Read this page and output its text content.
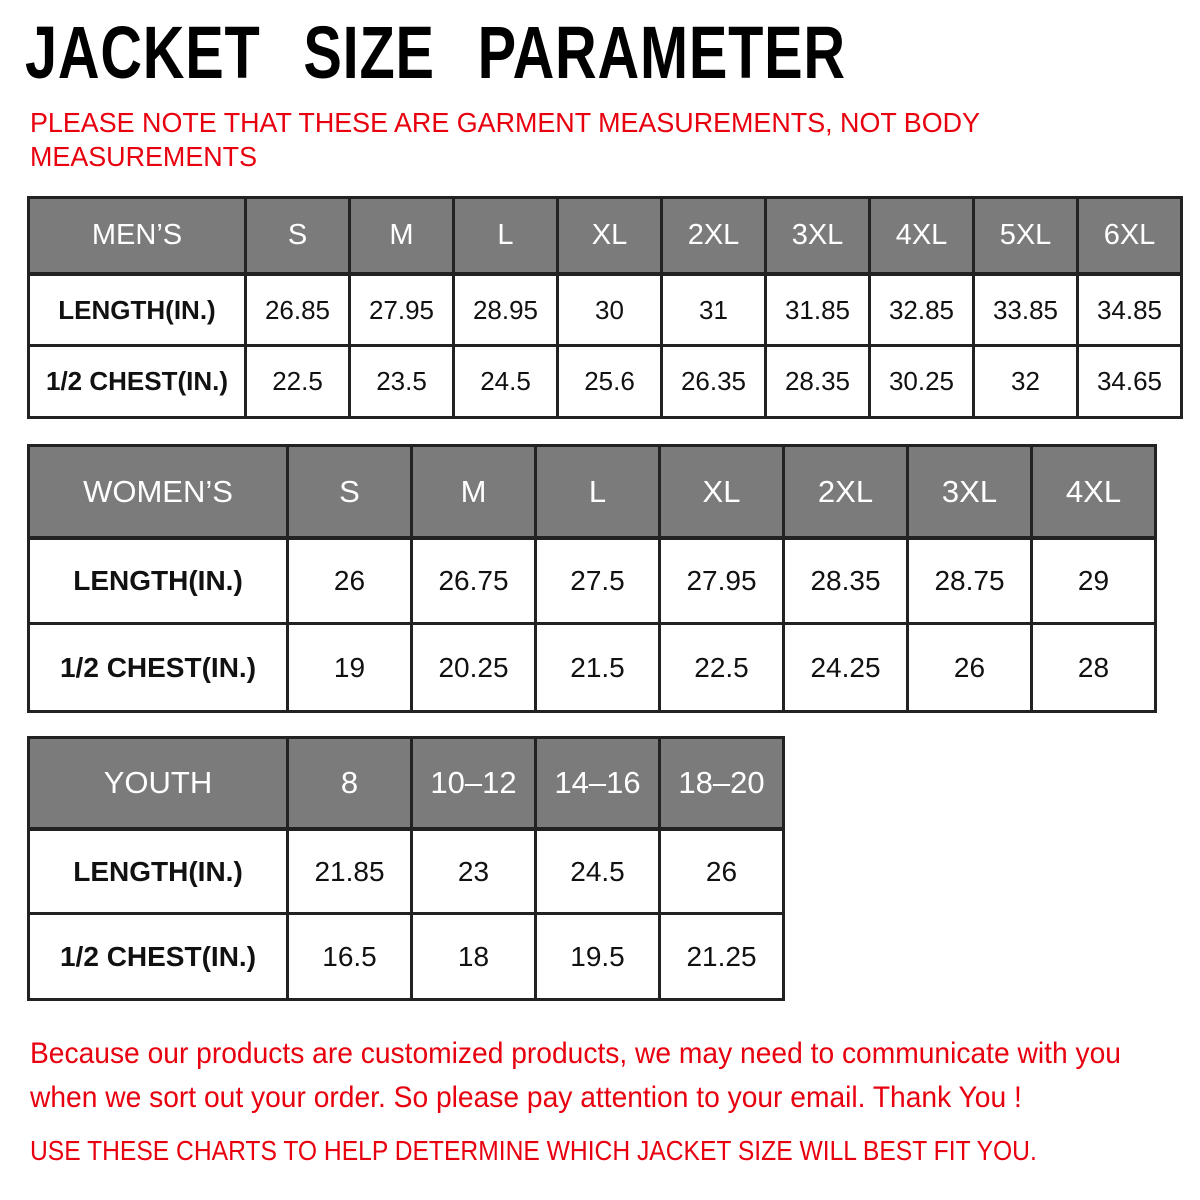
JACKET SIZE PARAMETER

PLEASE NOTE THAT THESE ARE GARMENT MEASUREMENTS, NOT BODY
MEASUREMENTS

MEN’S	S	M	L	XL	2XL	3XL	4XL	5XL	6XL
LENGTH(IN.)	26.85	27.95	28.95	30	31	31.85	32.85	33.85	34.85
1/2 CHEST(IN.)	22.5	23.5	24.5	25.6	26.35	28.35	30.25	32	34.65
WOMEN’S	S	M	L	XL	2XL	3XL	4XL
LENGTH(IN.)	26	26.75	27.5	27.95	28.35	28.75	29
1/2 CHEST(IN.)	19	20.25	21.5	22.5	24.25	26	28
YOUTH	8	10–12	14–16	18–20
LENGTH(IN.)	21.85	23	24.5	26
1/2 CHEST(IN.)	16.5	18	19.5	21.25

Because our products are customized products, we may need to communicate with you
when we sort out your order. So please pay attention to your email. Thank You !

USE THESE CHARTS TO HELP DETERMINE WHICH JACKET SIZE WILL BEST FIT YOU.
